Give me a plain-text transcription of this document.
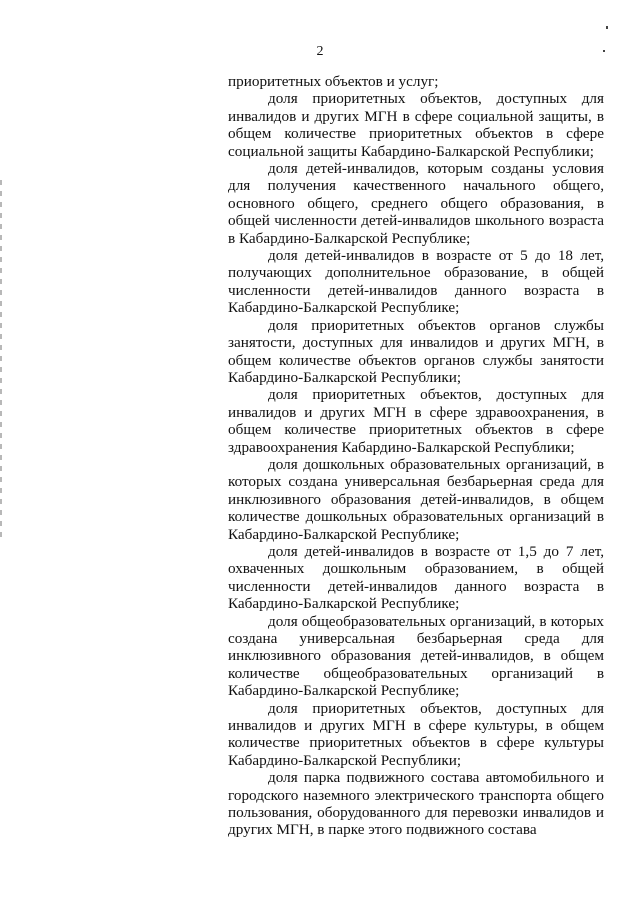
2

приоритетных объектов и услуг;

доля приоритетных объектов, доступных для инвалидов и других МГН в сфере социальной защиты, в общем количестве приоритетных объектов в сфере социальной защиты Кабардино-Балкарской Республики;

доля детей-инвалидов, которым созданы условия для получения качественного начального общего, основного общего, среднего общего образования, в общей численности детей-инвалидов школьного возраста в Кабардино-Балкарской Республике;

доля детей-инвалидов в возрасте от 5 до 18 лет, получающих дополнительное образование, в общей численности детей-инвалидов данного возраста в Кабардино-Балкарской Республике;

доля приоритетных объектов органов службы занятости, доступных для инвалидов и других МГН, в общем количестве объектов органов службы занятости Кабардино-Балкарской Республики;

доля приоритетных объектов, доступных для инвалидов и других МГН в сфере здравоохранения, в общем количестве приоритетных объектов в сфере здравоохранения Кабардино-Балкарской Республики;

доля дошкольных образовательных организаций, в которых создана универсальная безбарьерная среда для инклюзивного образования детей-инвалидов, в общем количестве дошкольных образовательных организаций в Кабардино-Балкарской Республике;

доля детей-инвалидов в возрасте от 1,5 до 7 лет, охваченных дошкольным образованием, в общей численности детей-инвалидов данного возраста в Кабардино-Балкарской Республике;

доля общеобразовательных организаций, в которых создана универсальная безбарьерная среда для инклюзивного образования детей-инвалидов, в общем количестве общеобразовательных организаций в Кабардино-Балкарской Республике;

доля приоритетных объектов, доступных для инвалидов и других МГН в сфере культуры, в общем количестве приоритетных объектов в сфере культуры Кабардино-Балкарской Республики;

доля парка подвижного состава автомобильного и городского наземного электрического транспорта общего пользования, оборудованного для перевозки инвалидов и других МГН, в парке этого подвижного состава
